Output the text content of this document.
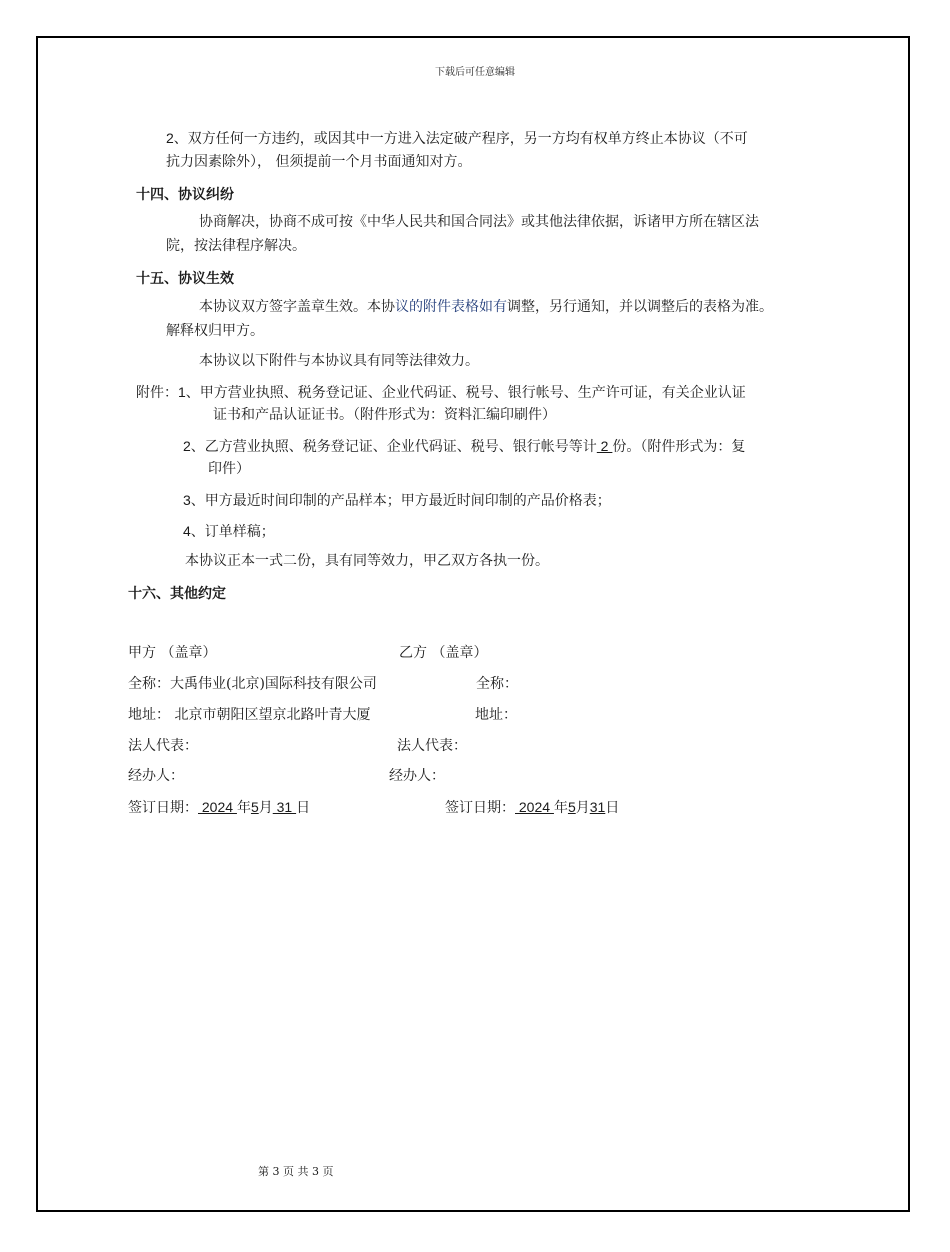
下载后可任意编辑
2、双方任何一方违约，或因其中一方进入法定破产程序，另一方均有权单方终止本协议（不可
抗力因素除外）， 但须提前一个月书面通知对方。
十四、协议纠纷
协商解决，协商不成可按《中华人民共和国合同法》或其他法律依据，诉诸甲方所在辖区法
院，按法律程序解决。
十五、协议生效
本协议双方签字盖章生效。本协议的附件表格如有调整，另行通知，并以调整后的表格为准。
解释权归甲方。
本协议以下附件与本协议具有同等法律效力。
附件：1、甲方营业执照、税务登记证、企业代码证、税号、银行帐号、生产许可证，有关企业认证
证书和产品认证证书。（附件形式为：资料汇编印刷件）
2、乙方营业执照、税务登记证、企业代码证、税号、银行帐号等计 2 份。（附件形式为：复
印件）
3、甲方最近时间印制的产品样本；甲方最近时间印制的产品价格表；
4、订单样稿；
本协议正本一式二份，具有同等效力，甲乙双方各执一份。
十六、其他约定
甲方 （盖章）
全称：大禹伟业(北京)国际科技有限公司
地址： 北京市朝阳区望京北路叶青大厦
法人代表：
经办人：
签订日期： 2024 年5月 31 日
乙方 （盖章）
全称：
地址：
法人代表：
经办人：
签订日期： 2024 年5月31日
第 3 页 共 3 页
